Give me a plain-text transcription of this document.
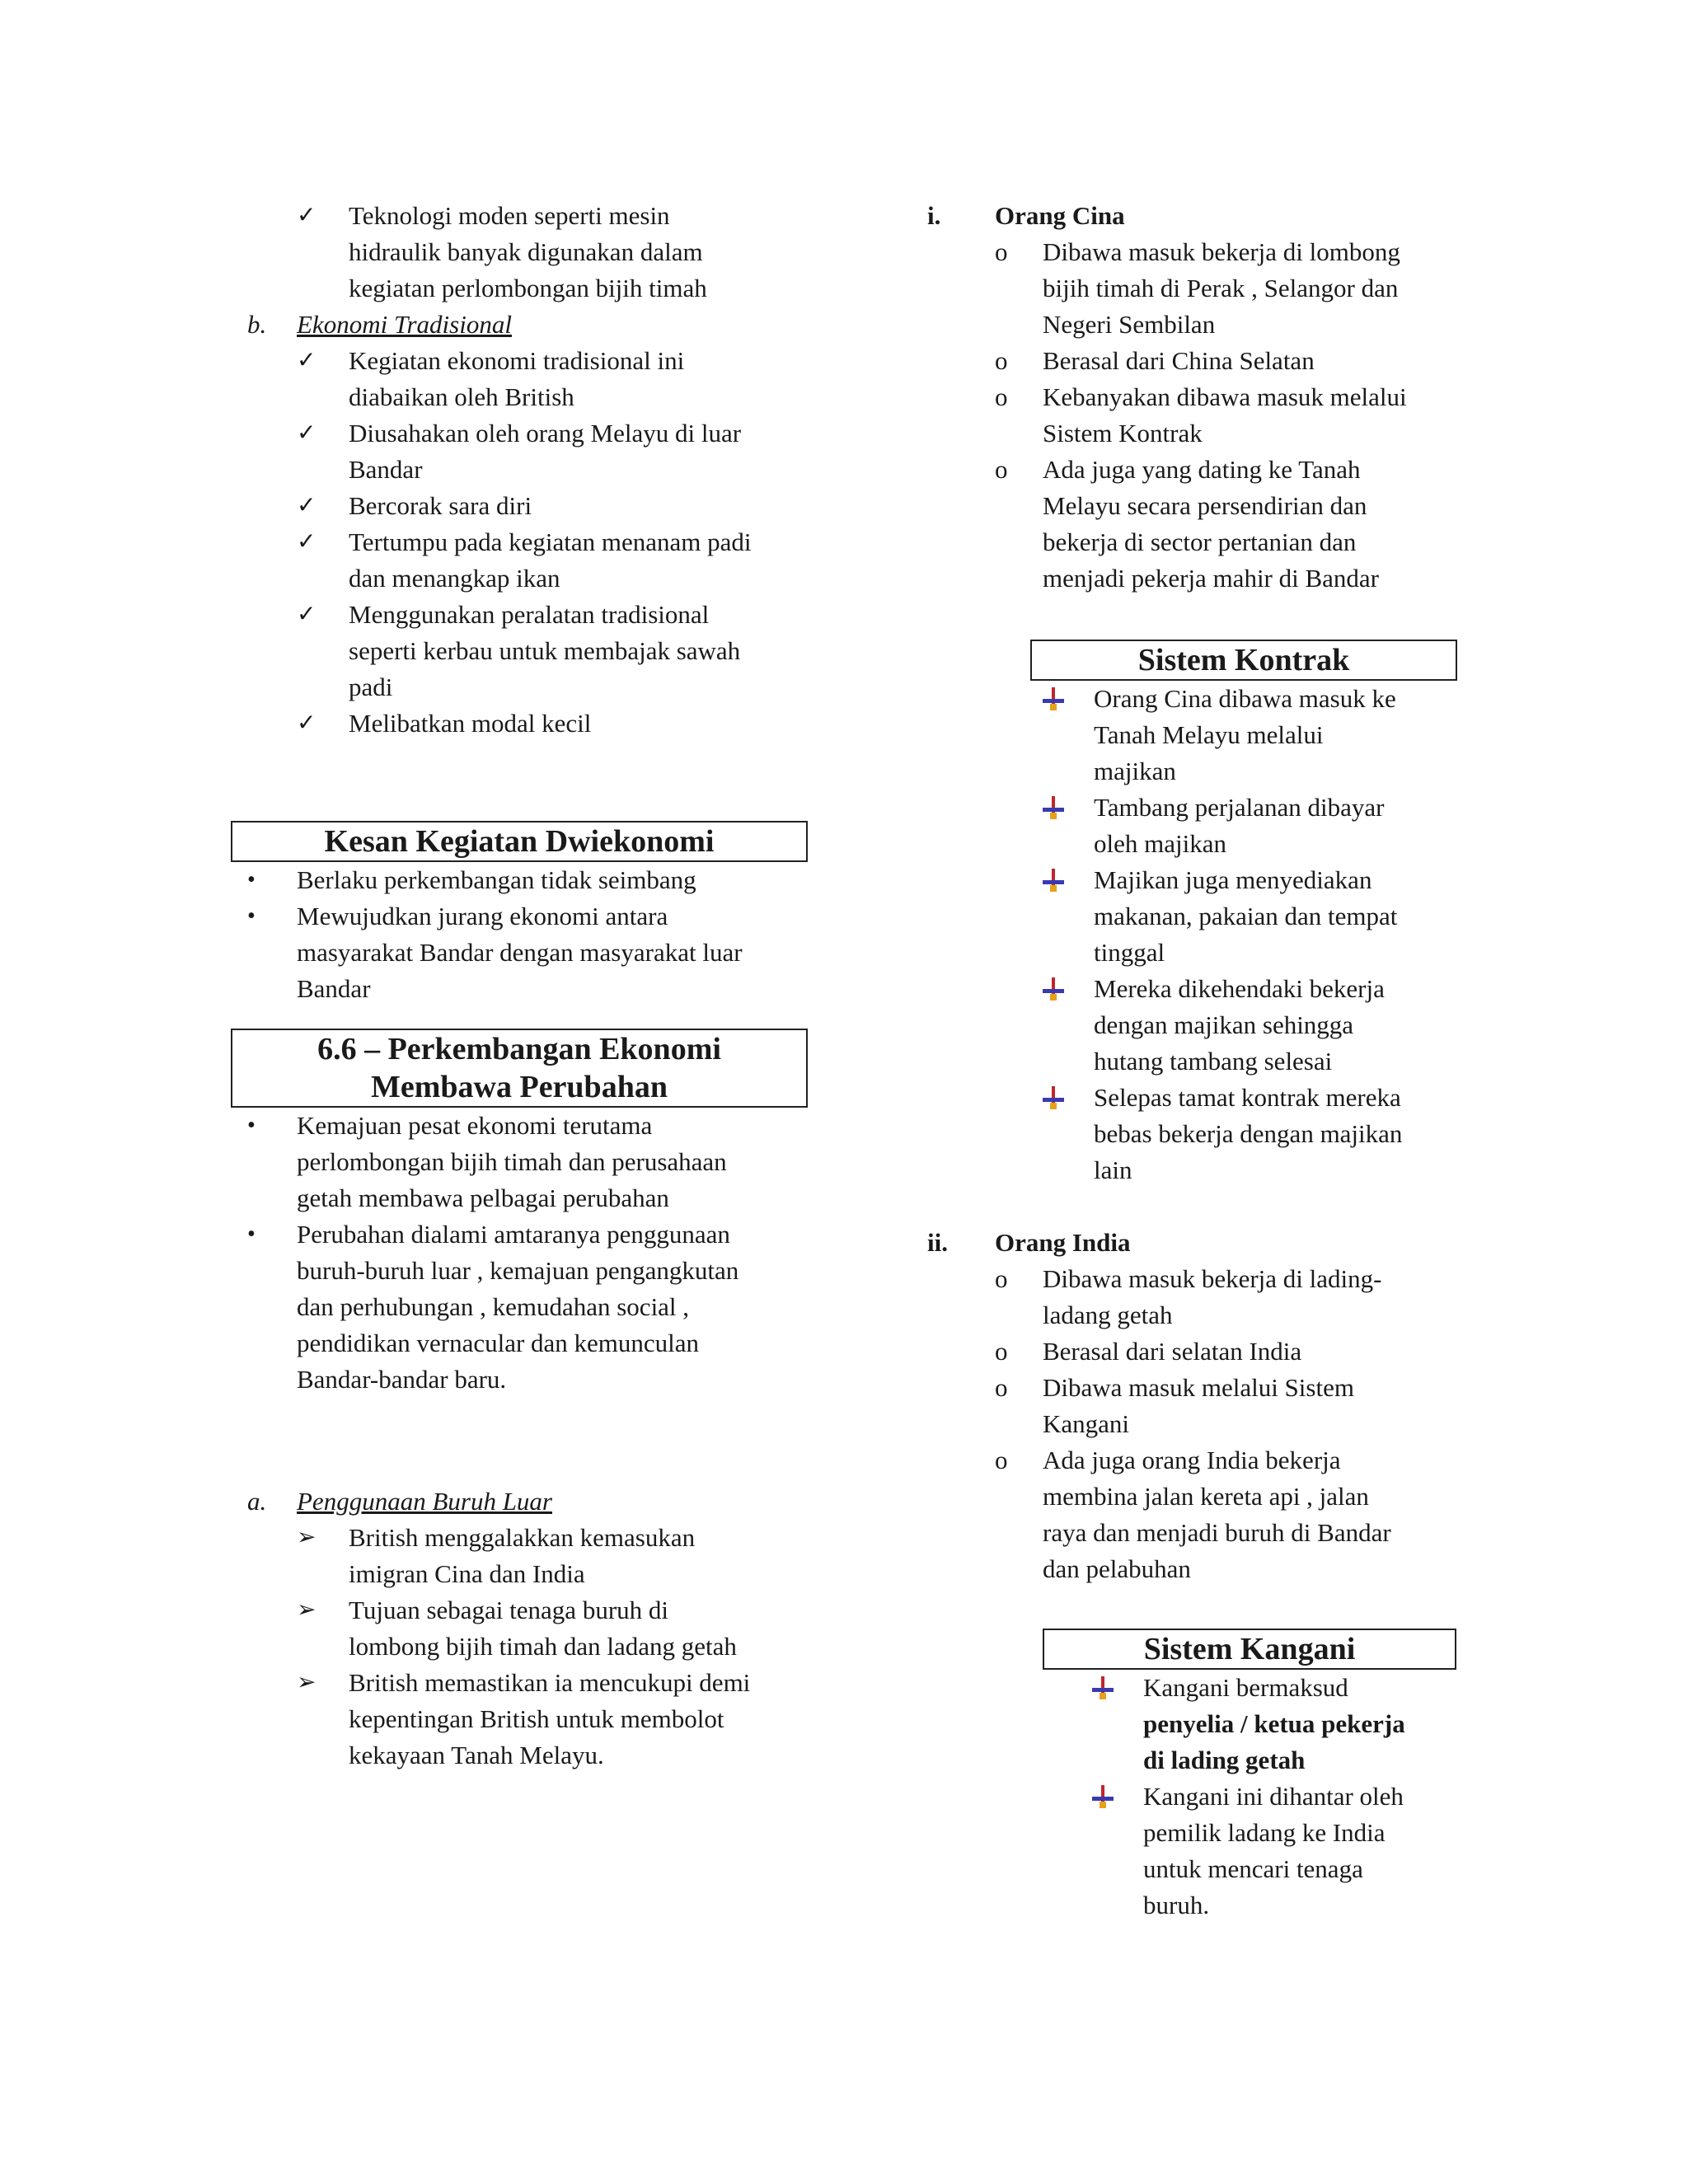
✓ Teknologi moden seperti mesin
hidraulik banyak digunakan dalam
kegiatan perlombongan bijih timah
b. Ekonomi Tradisional
✓ Kegiatan ekonomi tradisional ini
diabaikan oleh British
✓ Diusahakan oleh orang Melayu di luar
Bandar
✓ Bercorak sara diri
✓ Tertumpu pada kegiatan menanam padi
dan menangkap ikan
✓ Menggunakan peralatan tradisional
seperti kerbau untuk membajak sawah
padi
✓ Melibatkan modal kecil
Kesan Kegiatan Dwiekonomi
• Berlaku perkembangan tidak seimbang
• Mewujudkan jurang ekonomi antara
masyarakat Bandar dengan masyarakat luar
Bandar
6.6 – Perkembangan Ekonomi
Membawa Perubahan
• Kemajuan pesat ekonomi terutama
perlombongan bijih timah dan perusahaan
getah membawa pelbagai perubahan
• Perubahan dialami amtaranya penggunaan
buruh-buruh luar , kemajuan pengangkutan
dan perhubungan , kemudahan social ,
pendidikan vernacular dan kemunculan
Bandar-bandar baru.
a. Penggunaan Buruh Luar
➢ British menggalakkan kemasukan
imigran Cina dan India
➢ Tujuan sebagai tenaga buruh di
lombong bijih timah dan ladang getah
➢ British memastikan ia mencukupi demi
kepentingan British untuk membolot
kekayaan Tanah Melayu.
i. Orang Cina
o Dibawa masuk bekerja di lombong
bijih timah di Perak , Selangor dan
Negeri Sembilan
o Berasal dari China Selatan
o Kebanyakan dibawa masuk melalui
Sistem Kontrak
o Ada juga yang dating ke Tanah
Melayu secara persendirian dan
bekerja di sector pertanian dan
menjadi pekerja mahir di Bandar
Sistem Kontrak
Orang Cina dibawa masuk ke
Tanah Melayu melalui
majikan
Tambang perjalanan dibayar
oleh majikan
Majikan juga menyediakan
makanan, pakaian dan tempat
tinggal
Mereka dikehendaki bekerja
dengan majikan sehingga
hutang tambang selesai
Selepas tamat kontrak mereka
bebas bekerja dengan majikan
lain
ii. Orang India
o Dibawa masuk bekerja di lading-
ladang getah
o Berasal dari selatan India
o Dibawa masuk melalui Sistem
Kangani
o Ada juga orang India bekerja
membina jalan kereta api , jalan
raya dan menjadi buruh di Bandar
dan pelabuhan
Sistem Kangani
Kangani bermaksud
penyelia / ketua pekerja
di lading getah
Kangani ini dihantar oleh
pemilik ladang ke India
untuk mencari tenaga
buruh.
